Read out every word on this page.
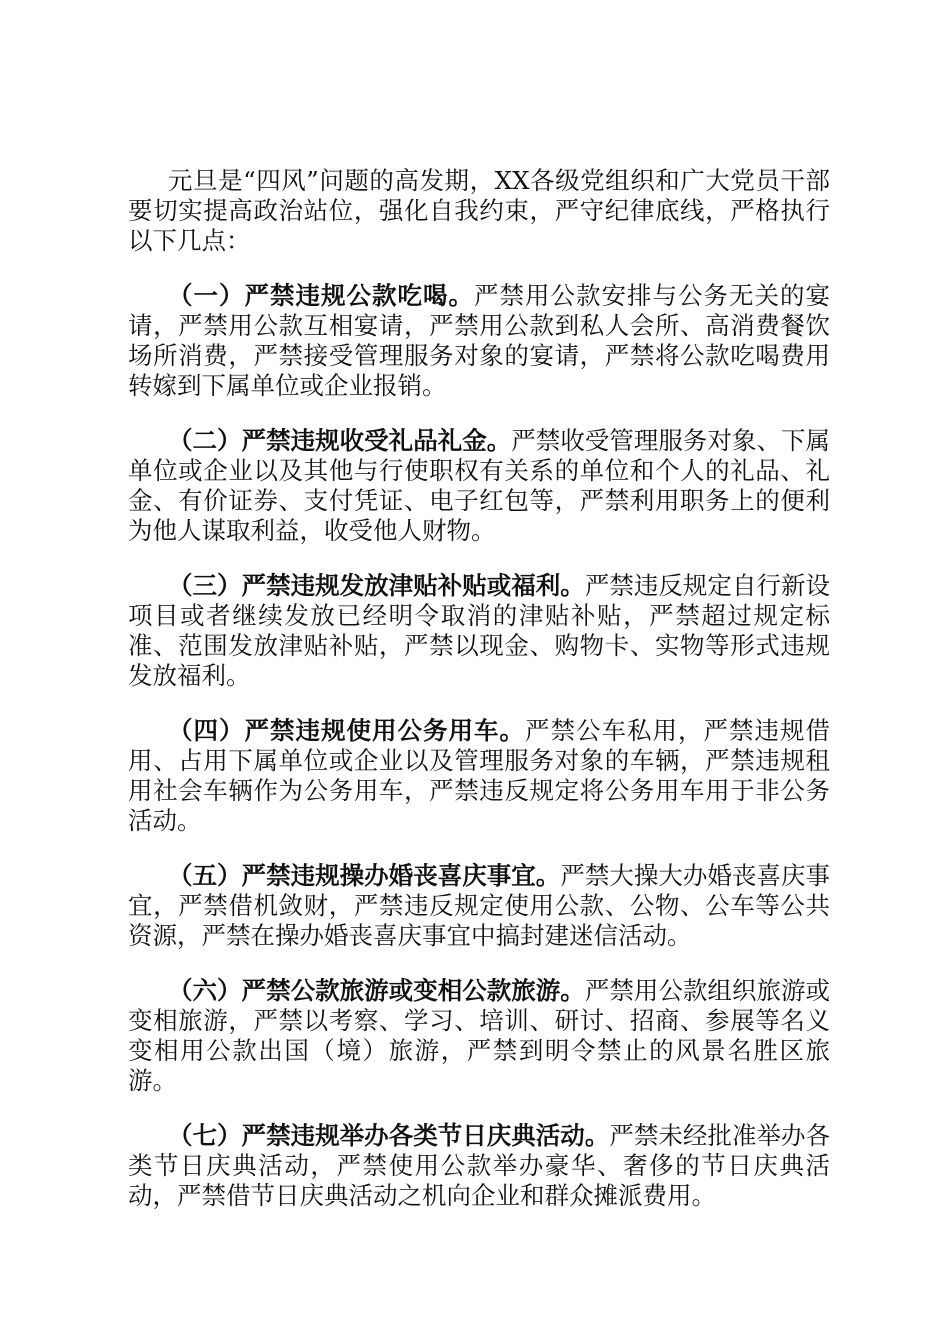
元旦是“四风”问题的高发期，XX各级党组织和广大党员干部要切实提高政治站位，强化自我约束，严守纪律底线，严格执行以下几点：

（一）严禁违规公款吃喝。严禁用公款安排与公务无关的宴请，严禁用公款互相宴请，严禁用公款到私人会所、高消费餐饮场所消费，严禁接受管理服务对象的宴请，严禁将公款吃喝费用转嫁到下属单位或企业报销。

（二）严禁违规收受礼品礼金。严禁收受管理服务对象、下属单位或企业以及其他与行使职权有关系的单位和个人的礼品、礼金、有价证券、支付凭证、电子红包等，严禁利用职务上的便利为他人谋取利益，收受他人财物。

（三）严禁违规发放津贴补贴或福利。严禁违反规定自行新设项目或者继续发放已经明令取消的津贴补贴，严禁超过规定标准、范围发放津贴补贴，严禁以现金、购物卡、实物等形式违规发放福利。

（四）严禁违规使用公务用车。严禁公车私用，严禁违规借用、占用下属单位或企业以及管理服务对象的车辆，严禁违规租用社会车辆作为公务用车，严禁违反规定将公务用车用于非公务活动。

（五）严禁违规操办婚丧喜庆事宜。严禁大操大办婚丧喜庆事宜，严禁借机敛财，严禁违反规定使用公款、公物、公车等公共资源，严禁在操办婚丧喜庆事宜中搞封建迷信活动。

（六）严禁公款旅游或变相公款旅游。严禁用公款组织旅游或变相旅游，严禁以考察、学习、培训、研讨、招商、参展等名义变相用公款出国（境）旅游，严禁到明令禁止的风景名胜区旅游。

（七）严禁违规举办各类节日庆典活动。严禁未经批准举办各类节日庆典活动，严禁使用公款举办豪华、奢侈的节日庆典活动，严禁借节日庆典活动之机向企业和群众摊派费用。
